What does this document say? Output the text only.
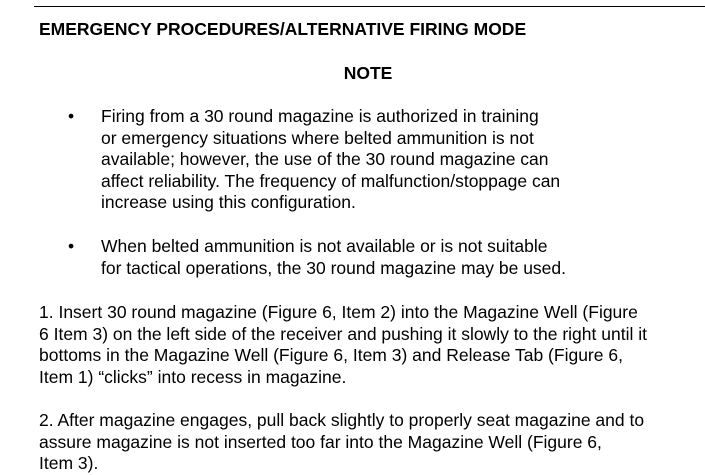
EMERGENCY PROCEDURES/ALTERNATIVE FIRING MODE
NOTE
• Firing from a 30 round magazine is authorized in training
or emergency situations where belted ammunition is not
available; however, the use of the 30 round magazine can
affect reliability. The frequency of malfunction/stoppage can
increase using this configuration.

• When belted ammunition is not available or is not suitable
for tactical operations, the 30 round magazine may be used.

1. Insert 30 round magazine (Figure 6, Item 2) into the Magazine Well (Figure
6 Item 3) on the left side of the receiver and pushing it slowly to the right until it
bottoms in the Magazine Well (Figure 6, Item 3) and Release Tab (Figure 6,
Item 1) “clicks” into recess in magazine.

2. After magazine engages, pull back slightly to properly seat magazine and to
assure magazine is not inserted too far into the Magazine Well (Figure 6,
Item 3).
